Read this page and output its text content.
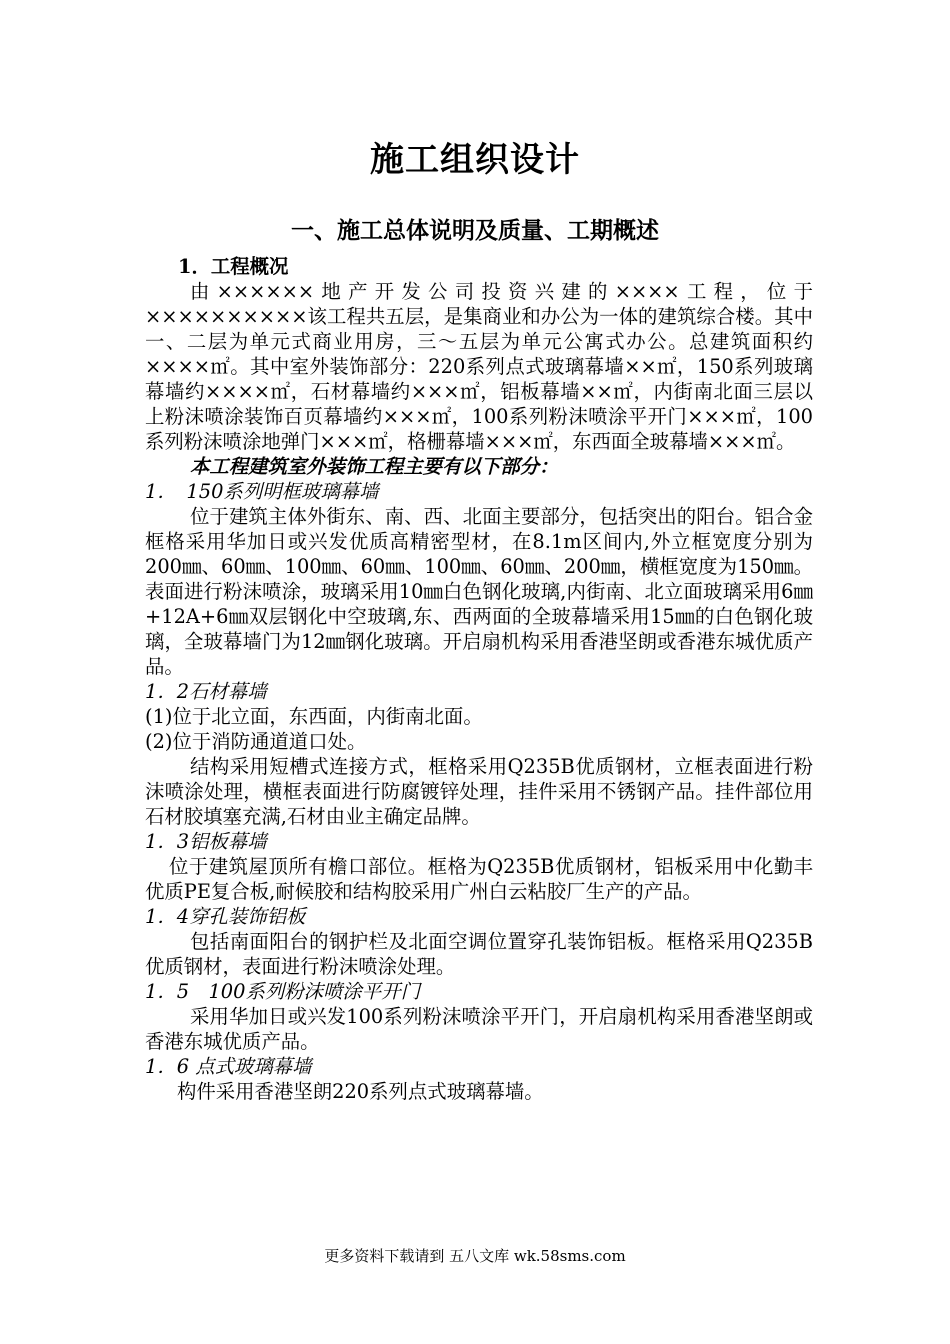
施工组织设计
一、施工总体说明及质量、工期概述

1．工程概况

由××××××地产开发公司投资兴建的××××工程，位于××××××××××该工程共五层，是集商业和办公为一体的建筑综合楼。其中一、二层为单元式商业用房，三～五层为单元公寓式办公。总建筑面积约××××㎡。其中室外装饰部分：220系列点式玻璃幕墙××㎡，150系列玻璃幕墙约××××㎡，石材幕墙约×××㎡，铝板幕墙××㎡，内街南北面三层以上粉沫喷涂装饰百页幕墙约×××㎡，100系列粉沫喷涂平开门×××㎡，100系列粉沫喷涂地弹门×××㎡，格栅幕墙×××㎡，东西面全玻幕墙×××㎡。

本工程建筑室外装饰工程主要有以下部分：

1．　150系列明框玻璃幕墙

位于建筑主体外街东、南、西、北面主要部分，包括突出的阳台。铝合金框格采用华加日或兴发优质高精密型材，在8.1m区间内,外立框宽度分别为200㎜、60㎜、100㎜、60㎜、100㎜、60㎜、200㎜，横框宽度为150㎜。表面进行粉沫喷涂，玻璃采用10㎜白色钢化玻璃,内街南、北立面玻璃采用6㎜+12A+6㎜双层钢化中空玻璃,东、西两面的全玻幕墙采用15㎜的白色钢化玻璃，全玻幕墙门为12㎜钢化玻璃。开启扇机构采用香港坚朗或香港东城优质产品。

1．2石材幕墙

(1)位于北立面，东西面，内街南北面。

(2)位于消防通道道口处。

结构采用短槽式连接方式，框格采用Q235B优质钢材，立框表面进行粉沫喷涂处理，横框表面进行防腐镀锌处理，挂件采用不锈钢产品。挂件部位用石材胶填塞充满,石材由业主确定品牌。

1．3铝板幕墙

位于建筑屋顶所有檐口部位。框格为Q235B优质钢材，铝板采用中化勤丰优质PE复合板,耐候胶和结构胶采用广州白云粘胶厂生产的产品。

1．4穿孔装饰铝板

包括南面阳台的钢护栏及北面空调位置穿孔装饰铝板。框格采用Q235B优质钢材，表面进行粉沫喷涂处理。

1．5　100系列粉沫喷涂平开门

采用华加日或兴发100系列粉沫喷涂平开门，开启扇机构采用香港坚朗或香港东城优质产品。

1．6 点式玻璃幕墙

构件采用香港坚朗220系列点式玻璃幕墙。

更多资料下载请到 五八文库 wk.58sms.com
